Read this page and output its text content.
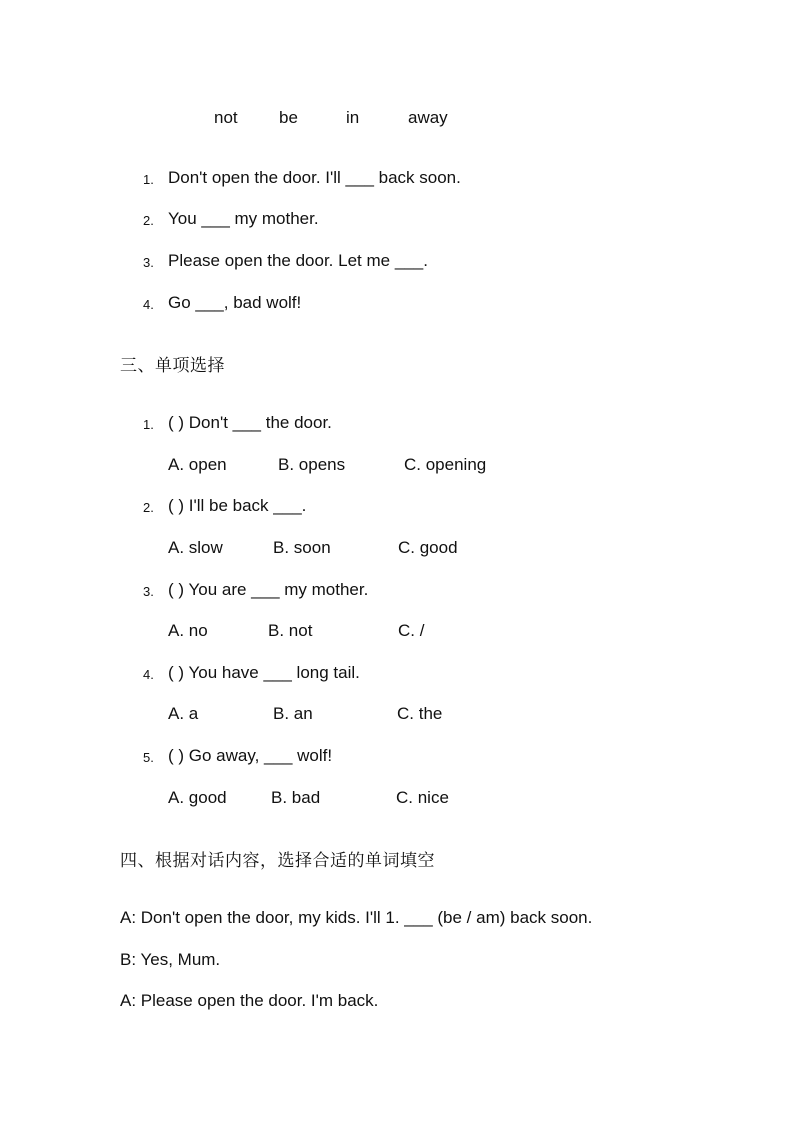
not be	in	away
1. Don't open the door. I'll ___ back soon.
2. You ___ my mother.
3. Please open the door. Let me ___.
4. Go ___, bad wolf!
三、单项选择
1. ( ) Don't ___ the door.
A. open	B. opens	C. opening
2. ( ) I'll be back ___.
A. slow	B. soon	C. good
3. ( ) You are ___ my mother.
A. no	B. not	C. /
4. ( ) You have ___ long tail.
A. a	B. an	C. the
5. ( ) Go away, ___ wolf!
A. good	B. bad	C. nice
四、根据对话内容，选择合适的单词填空
A: Don't open the door, my kids. I'll 1. ___ (be / am) back soon.
B: Yes, Mum.
A: Please open the door. I'm back.
